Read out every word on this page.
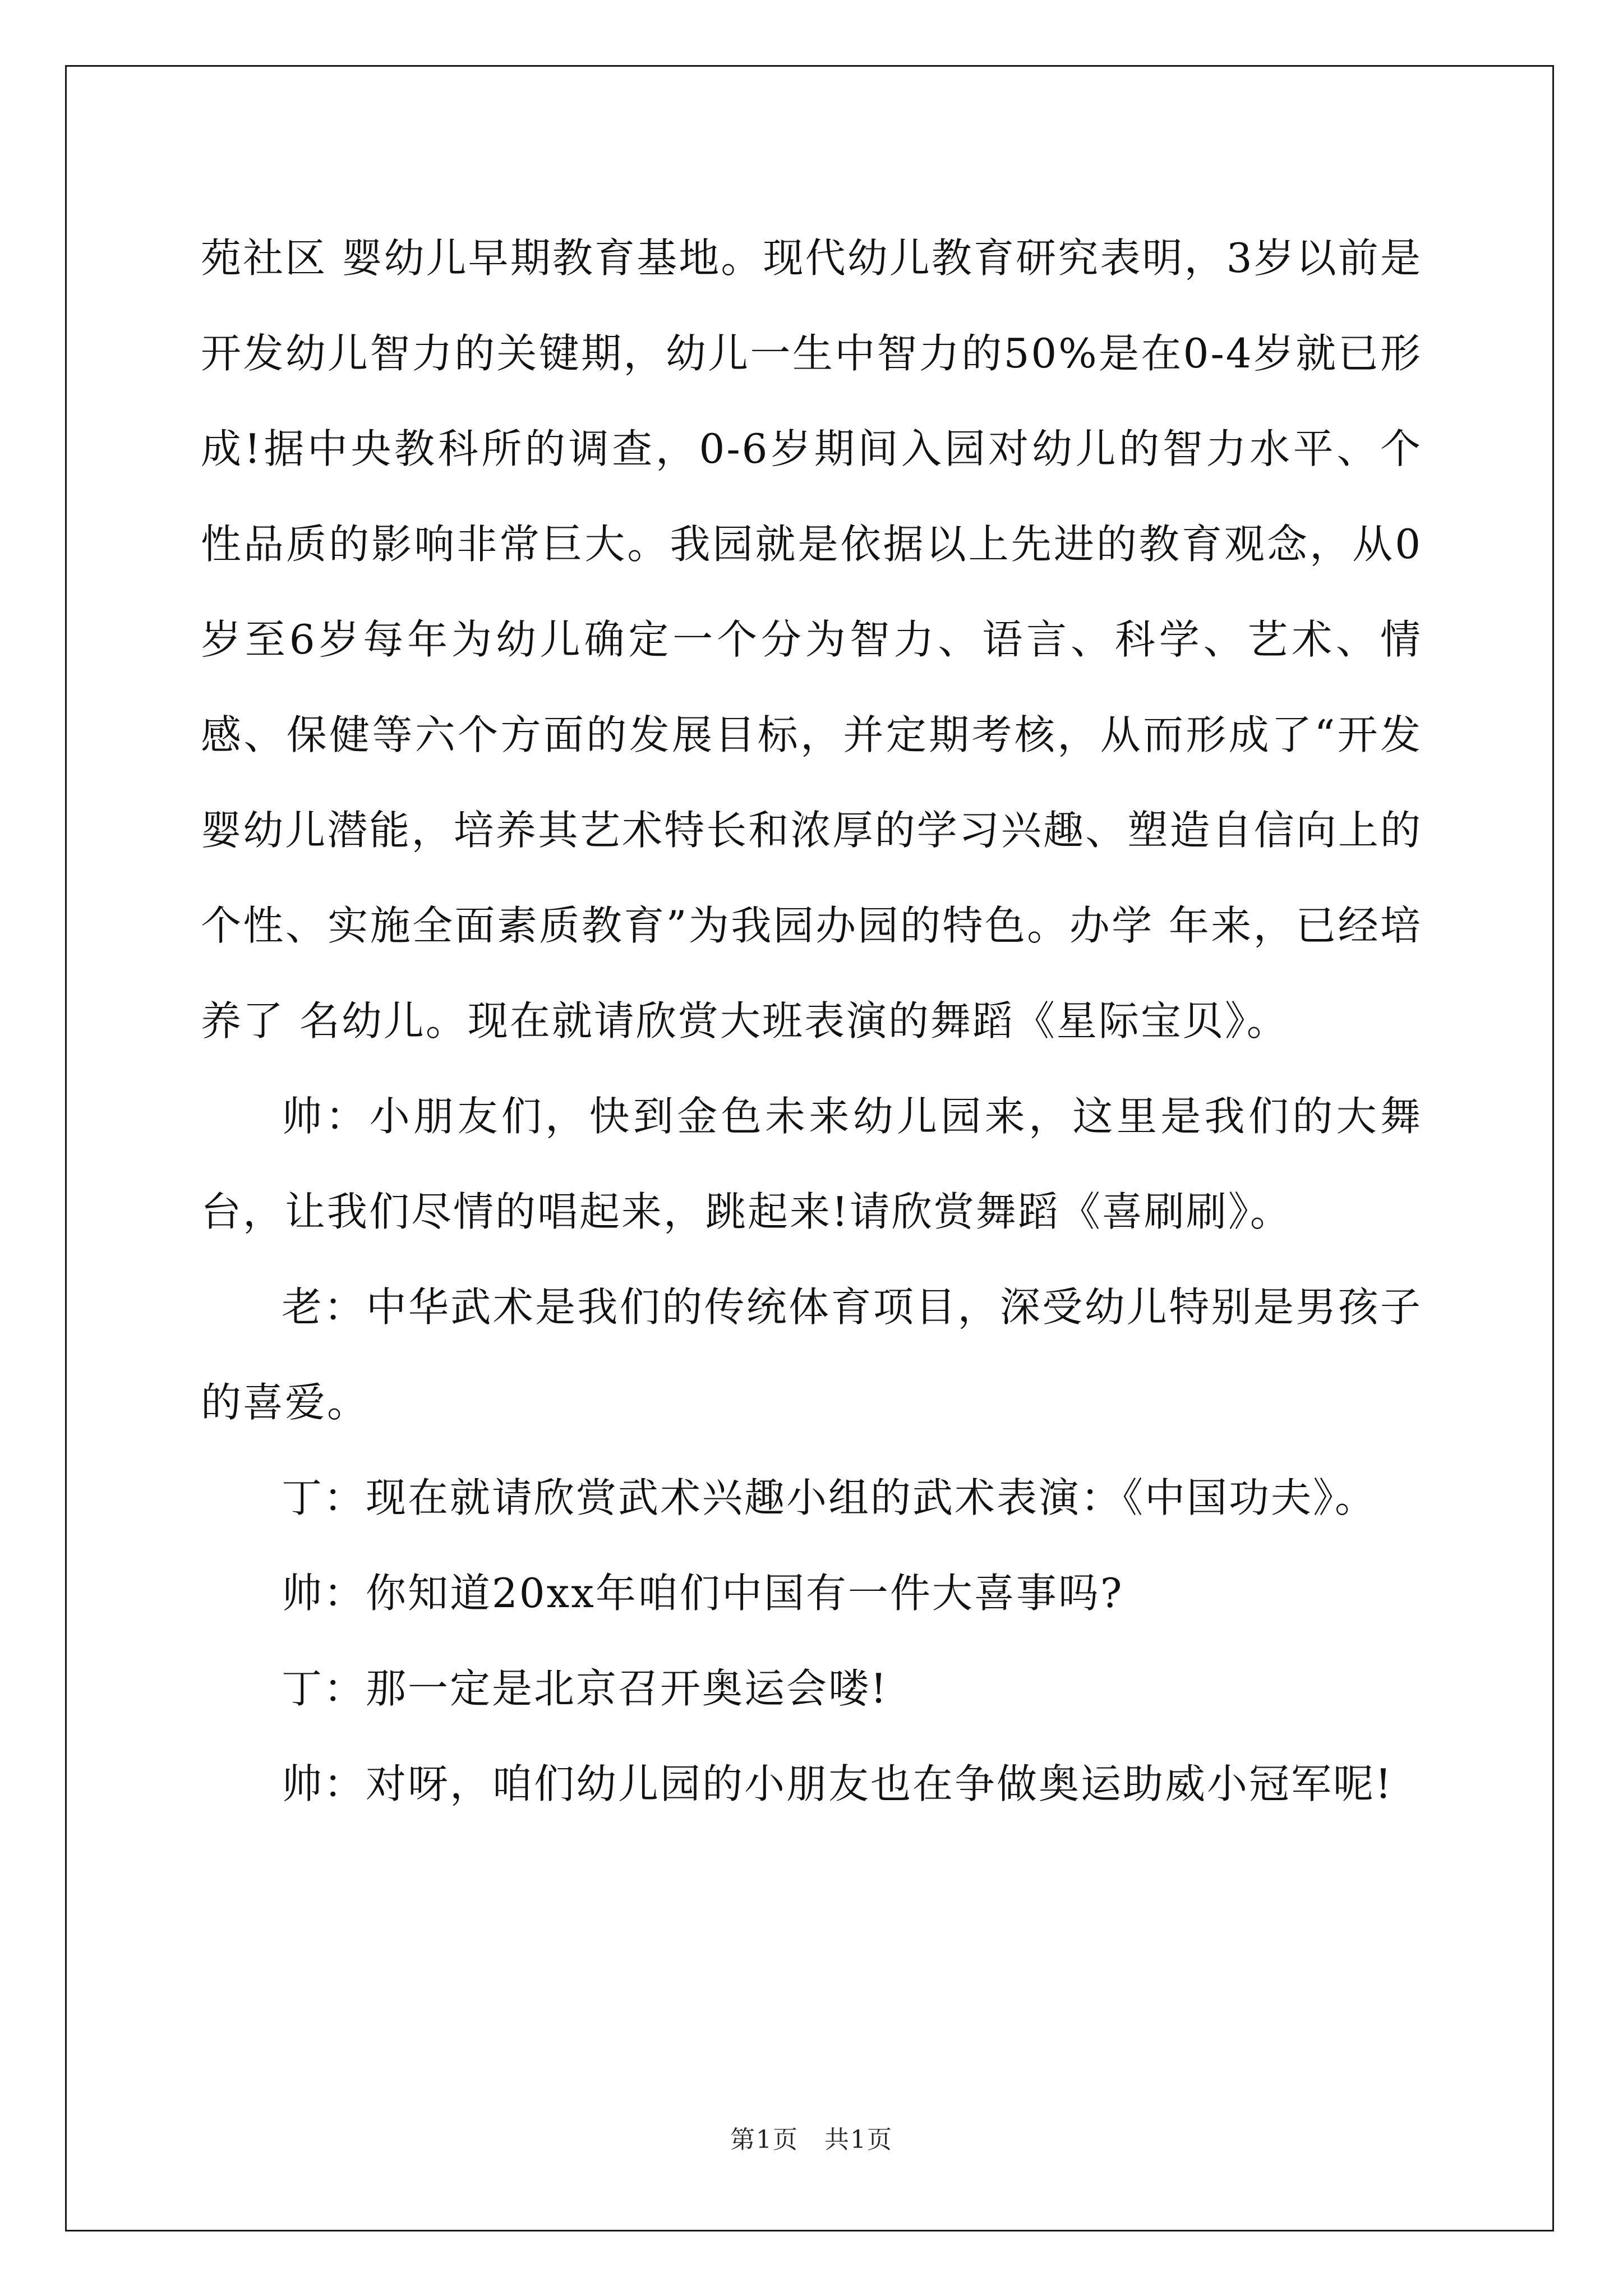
苑社区 婴幼儿早期教育基地。现代幼儿教育研究表明，3岁以前是开发幼儿智力的关键期，幼儿一生中智力的50%是在0-4岁就已形成!据中央教科所的调查，0-6岁期间入园对幼儿的智力水平、个性品质的影响非常巨大。我园就是依据以上先进的教育观念，从0岁至6岁每年为幼儿确定一个分为智力、语言、科学、艺术、情感、保健等六个方面的发展目标，并定期考核，从而形成了“开发婴幼儿潜能，培养其艺术特长和浓厚的学习兴趣、塑造自信向上的个性、实施全面素质教育”为我园办园的特色。办学 年来，已经培养了 名幼儿。现在就请欣赏大班表演的舞蹈《星际宝贝》。

帅：小朋友们，快到金色未来幼儿园来，这里是我们的大舞台，让我们尽情的唱起来，跳起来!请欣赏舞蹈《喜刷刷》。

老：中华武术是我们的传统体育项目，深受幼儿特别是男孩子的喜爱。

丁：现在就请欣赏武术兴趣小组的武术表演：《中国功夫》。

帅：你知道20xx年咱们中国有一件大喜事吗?

丁：那一定是北京召开奥运会喽!

帅：对呀，咱们幼儿园的小朋友也在争做奥运助威小冠军呢!

第1页　共1页
